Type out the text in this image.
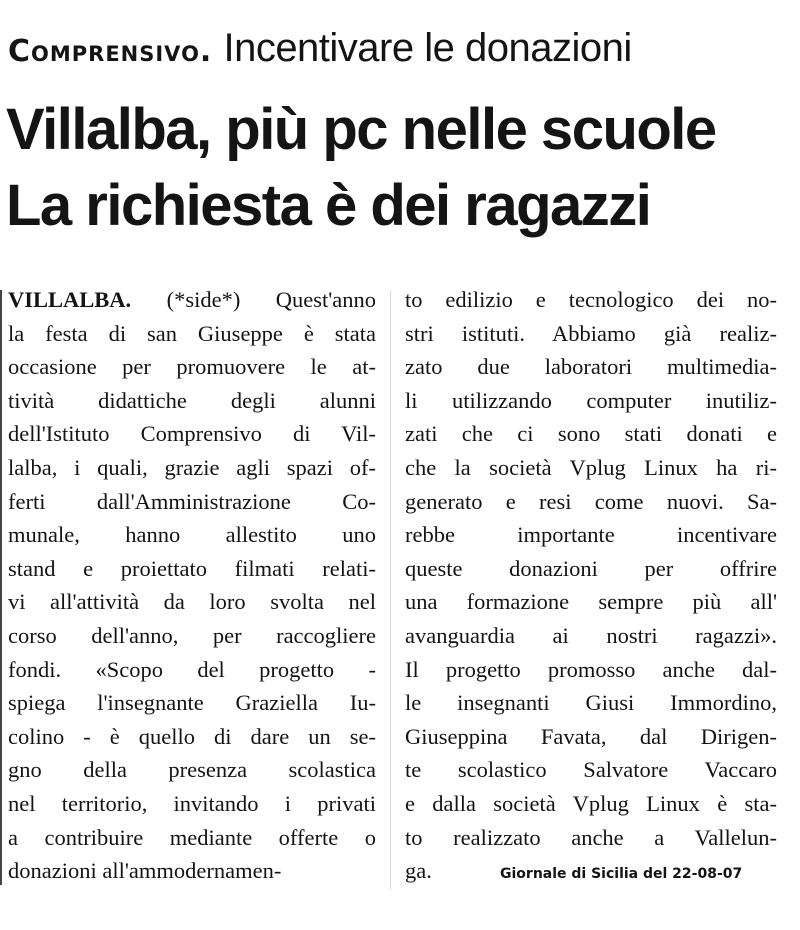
Comprensivo. Incentivare le donazioni
Villalba, più pc nelle scuole
La richiesta è dei ragazzi
VILLALBA. (*side*) Quest'anno
la festa di san Giuseppe è stata
occasione per promuovere le at-
tività didattiche degli alunni
dell'Istituto Comprensivo di Vil-
lalba, i quali, grazie agli spazi of-
ferti dall'Amministrazione Co-
munale, hanno allestito uno
stand e proiettato filmati relati-
vi all'attività da loro svolta nel
corso dell'anno, per raccogliere
fondi. «Scopo del progetto -
spiega l'insegnante Graziella Iu-
colino - è quello di dare un se-
gno della presenza scolastica
nel territorio, invitando i privati
a contribuire mediante offerte o
donazioni all'ammodernamen-
to edilizio e tecnologico dei no-
stri istituti. Abbiamo già realiz-
zato due laboratori multimedia-
li utilizzando computer inutiliz-
zati che ci sono stati donati e
che la società Vplug Linux ha ri-
generato e resi come nuovi. Sa-
rebbe importante incentivare
queste donazioni per offrire
una formazione sempre più all'
avanguardia ai nostri ragazzi».
Il progetto promosso anche dal-
le insegnanti Giusi Immordino,
Giuseppina Favata, dal Dirigen-
te scolastico Salvatore Vaccaro
e dalla società Vplug Linux è sta-
to realizzato anche a Vallelun-
ga.	Giornale di Sicilia del 22-08-07
